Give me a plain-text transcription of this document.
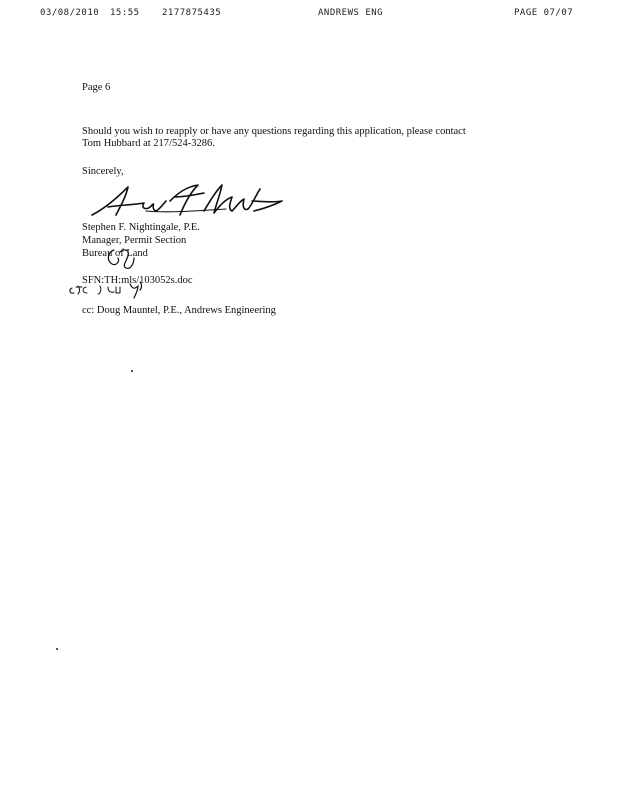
03/08/2010 15:55 2177875435	ANDREWS ENG	PAGE 07/07
Page 6
Should you wish to reapply or have any questions regarding this application, please contact
Tom Hubbard at 217/524-3286.
Sincerely,
Stephen F. Nightingale, P.E.
Manager, Permit Section
Bureau of Land
SFN:TH:mls/103052s.doc
cc: Doug Mauntel, P.E., Andrews Engineering
